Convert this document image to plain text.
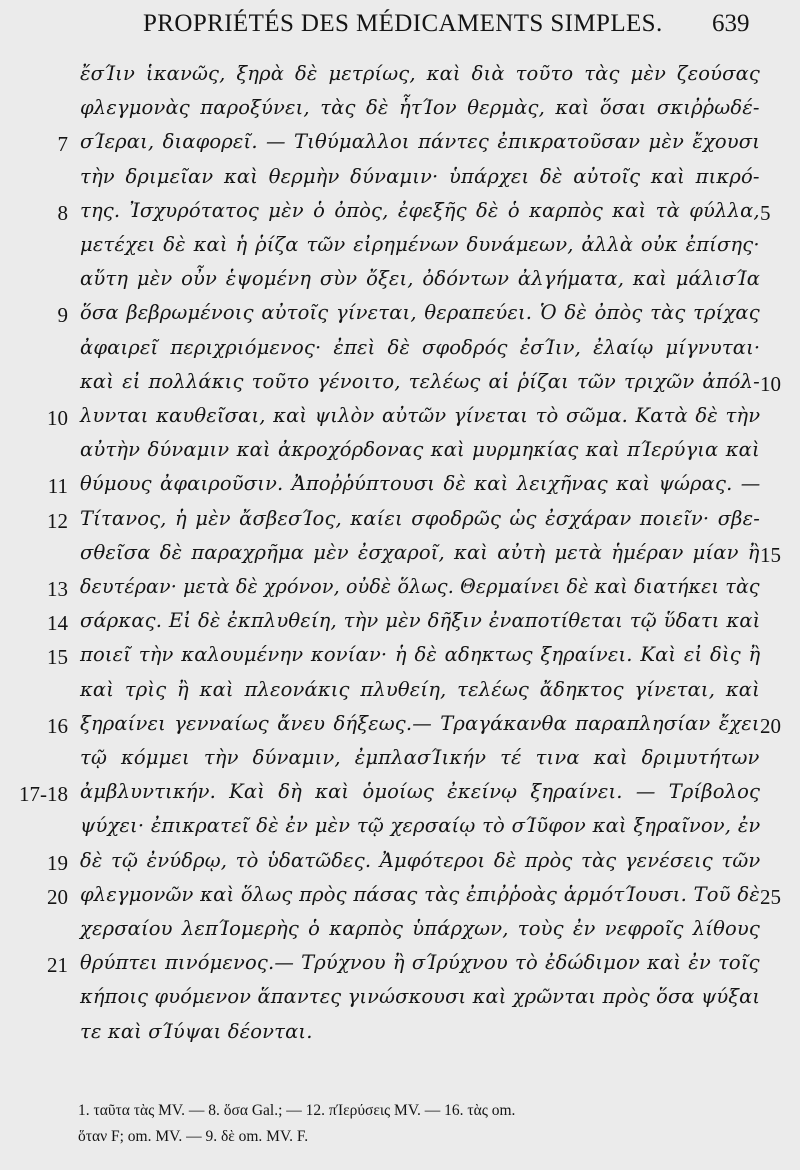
PROPRIÉTÉS DES MÉDICAMENTS SIMPLES. 639
ἔσΊιν ἱκανῶς, ξηρὰ δὲ μετρίως, καὶ διὰ τοῦτο τὰς μὲν ζεούσας
φλεγμονὰς παροξύνει, τὰς δὲ ἧτΊον θερμὰς, καὶ ὅσαι σκιῤῥωδέ-
7 σΊεραι, διαφορεῖ. — Τιθύμαλλοι πάντες ἐπικρατοῦσαν μὲν ἔχουσι
τὴν δριμεῖαν καὶ θερμὴν δύναμιν· ὑπάρχει δὲ αὐτοῖς καὶ πικρό-
8 της. Ἰσχυρότατος μὲν ὁ ὀπὸς, ἐφεξῆς δὲ ὁ καρπὸς καὶ τὰ φύλλα, 5
μετέχει δὲ καὶ ἡ ῥίζα τῶν εἰρημένων δυνάμεων, ἀλλὰ οὐκ ἐπίσης·
αὕτη μὲν οὖν ἑψομένη σὺν ὄξει, ὀδόντων ἀλγήματα, καὶ μάλισΊα
9 ὅσα βεβρωμένοις αὐτοῖς γίνεται, θεραπεύει. Ὁ δὲ ὀπὸς τὰς τρίχας
ἀφαιρεῖ περιχριόμενος· ἐπεὶ δὲ σφοδρός ἐσΊιν, ἐλαίῳ μίγνυται·
καὶ εἰ πολλάκις τοῦτο γένοιτο, τελέως αἱ ῥίζαι τῶν τριχῶν ἀπόλ- 10
10 λυνται καυθεῖσαι, καὶ ψιλὸν αὐτῶν γίνεται τὸ σῶμα. Κατὰ δὲ τὴν
αὐτὴν δύναμιν καὶ ἀκροχόρδονας καὶ μυρμηκίας καὶ πΊερύγια καὶ
11 θύμους ἀφαιροῦσιν. Ἀποῤῥύπτουσι δὲ καὶ λειχῆνας καὶ ψώρας. —
12 Τίτανος, ἡ μὲν ἄσβεσΊος, καίει σφοδρῶς ὡς ἐσχάραν ποιεῖν· σβε-
σθεῖσα δὲ παραχρῆμα μὲν ἐσχαροῖ, καὶ αὐτὴ μετὰ ἡμέραν μίαν ἢ 15
13 δευτέραν· μετὰ δὲ χρόνον, οὐδὲ ὅλως. Θερμαίνει δὲ καὶ διατήκει τὰς
14 σάρκας. Εἰ δὲ ἐκπλυθείη, τὴν μὲν δῆξιν ἐναποτίθεται τῷ ὕδατι καὶ
15 ποιεῖ τὴν καλουμένην κονίαν· ἡ δὲ αδηκτως ξηραίνει. Καὶ εἰ δὶς ἢ
καὶ τρὶς ἢ καὶ πλεονάκις πλυθείη, τελέως ἄδηκτος γίνεται, καὶ
16 ξηραίνει γενναίως ἄνευ δήξεως.— Τραγάκανθα παραπλησίαν ἔχει 20
τῷ κόμμει τὴν δύναμιν, ἐμπλασΊικήν τέ τινα καὶ δριμυτήτων
17-18 ἀμβλυντικήν. Καὶ δὴ καὶ ὁμοίως ἐκείνῳ ξηραίνει. — Τρίβολος
ψύχει· ἐπικρατεῖ δὲ ἐν μὲν τῷ χερσαίῳ τὸ σΊῦφον καὶ ξηραῖνον, ἐν
19 δὲ τῷ ἐνύδρῳ, τὸ ὑδατῶδες. Ἀμφότεροι δὲ πρὸς τὰς γενέσεις τῶν
20 φλεγμονῶν καὶ ὅλως πρὸς πάσας τὰς ἐπιῤῥοὰς ἁρμότΊουσι. Τοῦ δὲ 25
χερσαίου λεπΊομερὴς ὁ καρπὸς ὑπάρχων, τοὺς ἐν νεφροῖς λίθους
21 θρύπτει πινόμενος.— Τρύχνου ἢ σΊρύχνου τὸ ἐδώδιμον καὶ ἐν τοῖς
κήποις φυόμενον ἅπαντες γινώσκουσι καὶ χρῶνται πρὸς ὅσα ψύξαι
τε καὶ σΊύψαι δέονται.
1. ταῦτα τὰς MV. — 8. ὅσα Gal.; — 12. πΊερύσεις MV. — 16. τὰς om.
ὅταν F; om. MV. — 9. δὲ om. MV. F.
